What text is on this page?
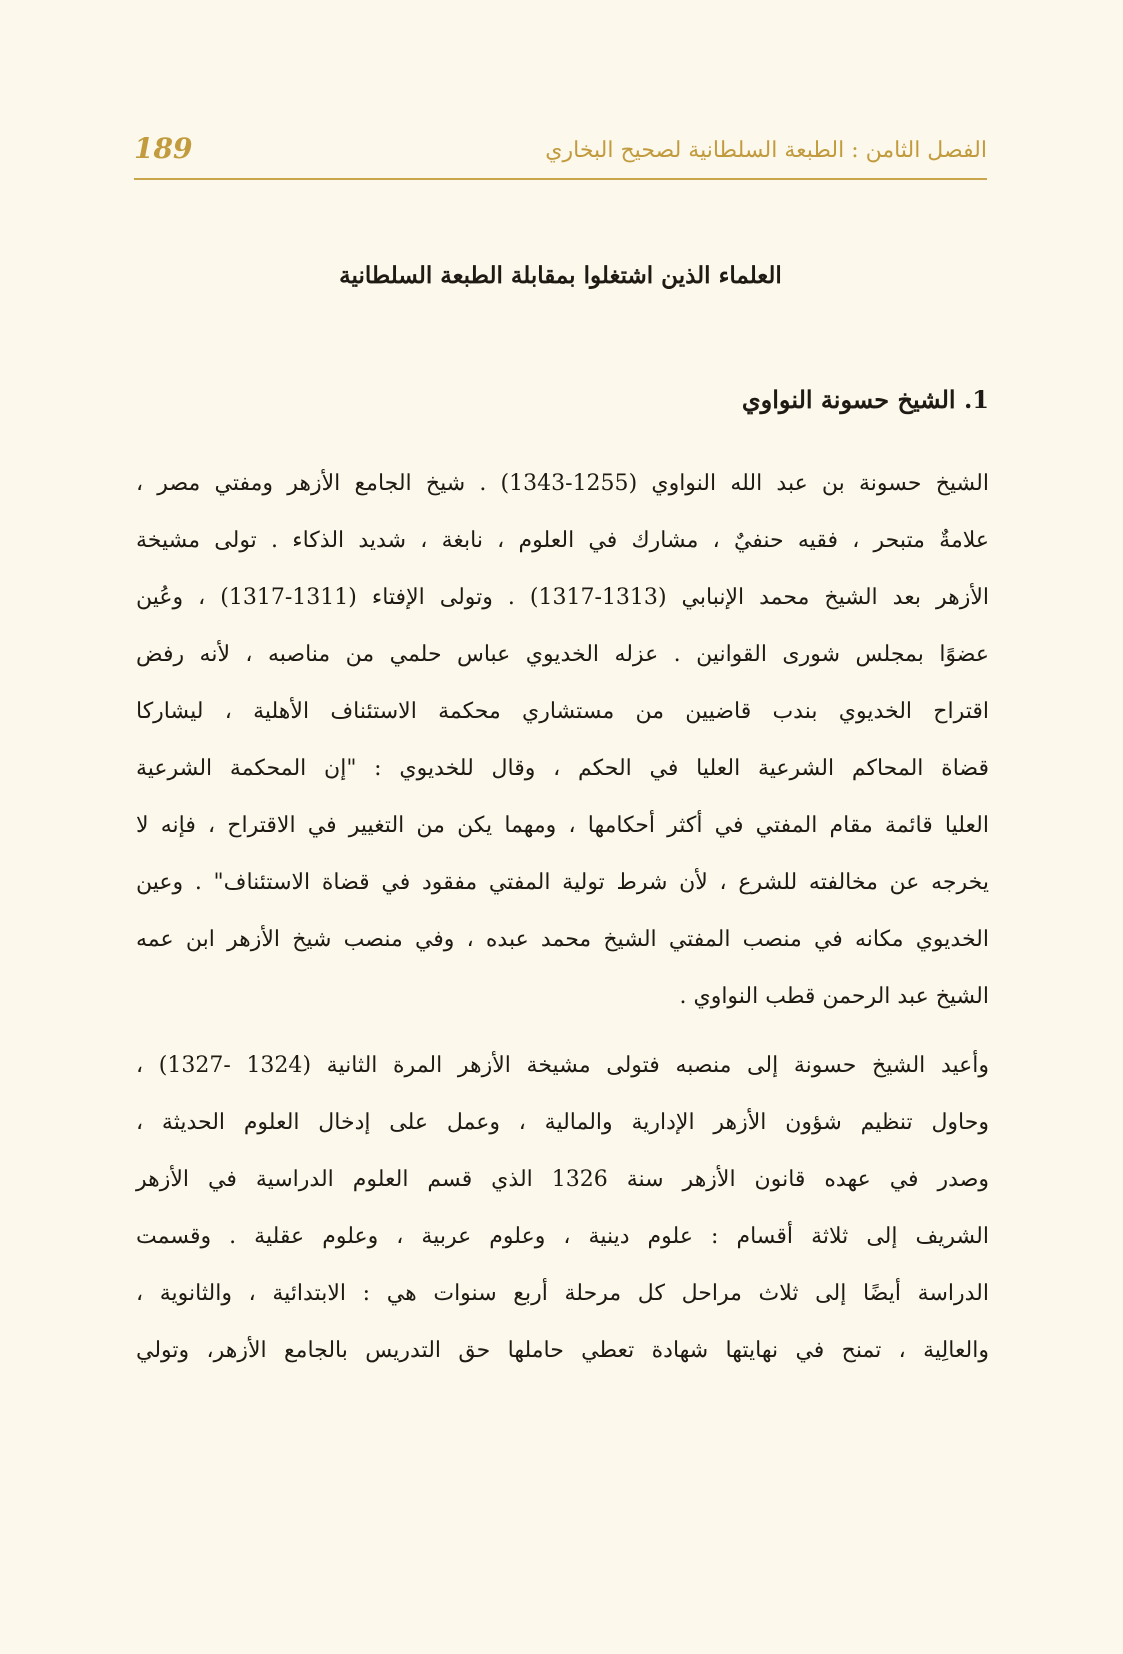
الفصل الثامن : الطبعة السلطانية لصحيح البخاري
189
العلماء الذين اشتغلوا بمقابلة الطبعة السلطانية
1. الشيخ حسونة النواوي

الشيخ حسونة بن عبد الله النواوي (1255-1343) . شيخ الجامع الأزهر ومفتي مصر ،
علامةٌ متبحر ، فقيه حنفيٌ ، مشارك في العلوم ، نابغة ، شديد الذكاء . تولى مشيخة
الأزهر بعد الشيخ محمد الإنبابي (1313-1317) . وتولى الإفتاء (1311-1317) ، وعُين
عضوًا بمجلس شورى القوانين . عزله الخديوي عباس حلمي من مناصبه ، لأنه رفض
اقتراح الخديوي بندب قاضيين من مستشاري محكمة الاستئناف الأهلية ، ليشاركا
قضاة المحاكم الشرعية العليا في الحكم ، وقال للخديوي : "إن المحكمة الشرعية
العليا قائمة مقام المفتي في أكثر أحكامها ، ومهما يكن من التغيير في الاقتراح ، فإنه لا
يخرجه عن مخالفته للشرع ، لأن شرط تولية المفتي مفقود في قضاة الاستئناف" . وعين
الخديوي مكانه في منصب المفتي الشيخ محمد عبده ، وفي منصب شيخ الأزهر ابن عمه
الشيخ عبد الرحمن قطب النواوي .

وأعيد الشيخ حسونة إلى منصبه فتولى مشيخة الأزهر المرة الثانية (1324 -1327) ،
وحاول تنظيم شؤون الأزهر الإدارية والمالية ، وعمل على إدخال العلوم الحديثة ،
وصدر في عهده قانون الأزهر سنة 1326 الذي قسم العلوم الدراسية في الأزهر
الشريف إلى ثلاثة أقسام : علوم دينية ، وعلوم عربية ، وعلوم عقلية . وقسمت
الدراسة أيضًا إلى ثلاث مراحل كل مرحلة أربع سنوات هي : الابتدائية ، والثانوية ،
والعالِية ، تمنح في نهايتها شهادة تعطي حاملها حق التدريس بالجامع الأزهر، وتولي
